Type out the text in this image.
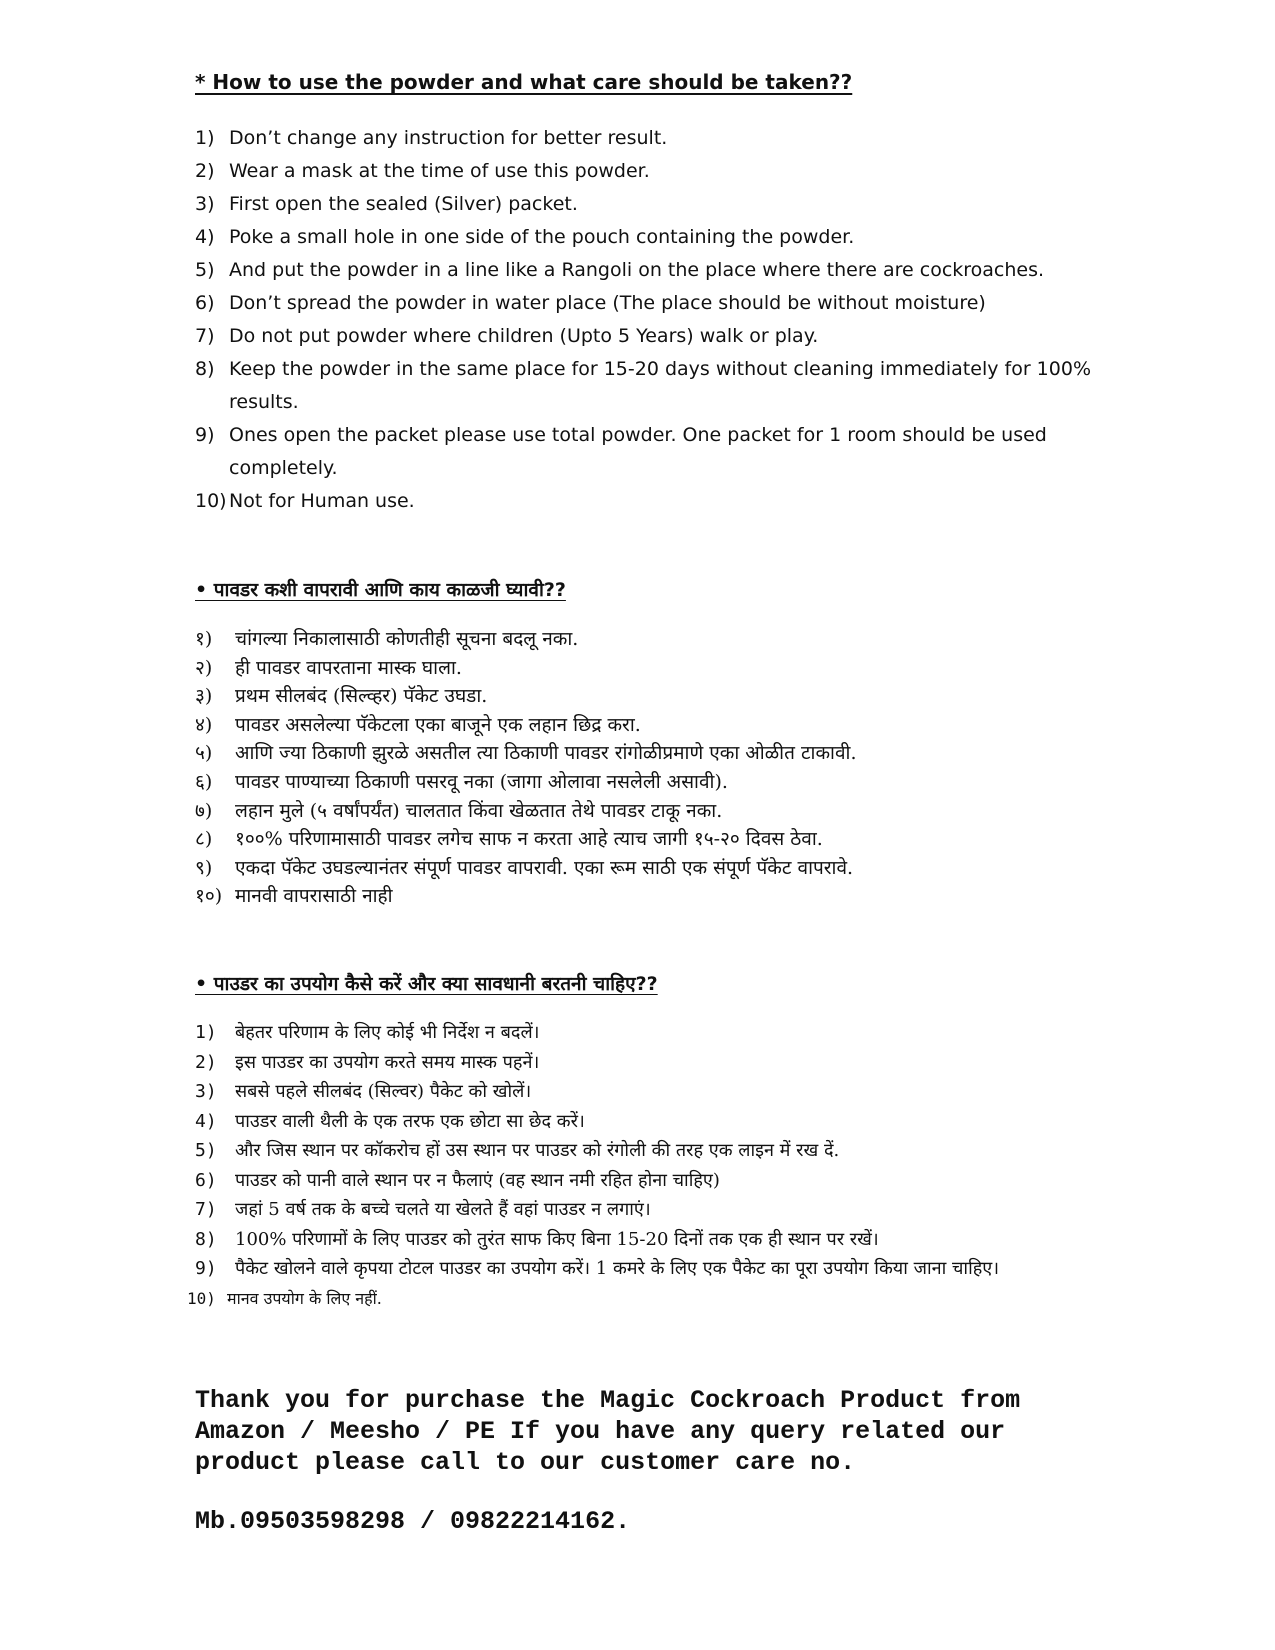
* How to use the powder and what care should be taken??
1) Don’t change any instruction for better result.
2) Wear a mask at the time of use this powder.
3) First open the sealed (Silver) packet.
4) Poke a small hole in one side of the pouch containing the powder.
5) And put the powder in a line like a Rangoli on the place where there are cockroaches.
6) Don’t spread the powder in water place (The place should be without moisture)
7) Do not put powder where children (Upto 5 Years) walk or play.
8) Keep the powder in the same place for 15-20 days without cleaning immediately for 100% results.
9) Ones open the packet please use total powder. One packet for 1 room should be used completely.
10) Not for Human use.
• पावडर कशी वापरावी आणि काय काळजी घ्यावी??
१)	चांगल्या निकालासाठी कोणतीही सूचना बदलू नका.
२)	ही पावडर वापरताना मास्क घाला.
३)	प्रथम सीलबंद (सिल्व्हर) पॅकेट उघडा.
४)	पावडर असलेल्या पॅकेटला एका बाजूने एक लहान छिद्र करा.
५)	आणि ज्या ठिकाणी झुरळे असतील त्या ठिकाणी पावडर रांगोळीप्रमाणे एका ओळीत टाकावी.
६)	पावडर पाण्याच्या ठिकाणी पसरवू नका (जागा ओलावा नसलेली असावी).
७)	लहान मुले (५ वर्षांपर्यंत) चालतात किंवा खेळतात तेथे पावडर टाकू नका.
८)	१००% परिणामासाठी पावडर लगेच साफ न करता आहे त्याच जागी १५-२० दिवस ठेवा.
९)	एकदा पॅकेट उघडल्यानंतर संपूर्ण पावडर वापरावी. एका रूम साठी एक संपूर्ण पॅकेट वापरावे.
१०) मानवी वापरासाठी नाही
• पाउडर का उपयोग कैसे करें और क्या सावधानी बरतनी चाहिए??
1)	बेहतर परिणाम के लिए कोई भी निर्देश न बदलें।
2)	इस पाउडर का उपयोग करते समय मास्क पहनें।
3)	सबसे पहले सीलबंद (सिल्वर) पैकेट को खोलें।
4)	पाउडर वाली थैली के एक तरफ एक छोटा सा छेद करें।
5)	और जिस स्थान पर कॉकरोच हों उस स्थान पर पाउडर को रंगोली की तरह एक लाइन में रख दें.
6)	पाउडर को पानी वाले स्थान पर न फैलाएं (वह स्थान नमी रहित होना चाहिए)
7)	जहां 5 वर्ष तक के बच्चे चलते या खेलते हैं वहां पाउडर न लगाएं।
8)	100% परिणामों के लिए पाउडर को तुरंत साफ किए बिना 15-20 दिनों तक एक ही स्थान पर रखें।
9) पैकेट खोलने वाले कृपया टोटल पाउडर का उपयोग करें। 1 कमरे के लिए एक पैकेट का पूरा उपयोग किया जाना चाहिए।
10) मानव उपयोग के लिए नहीं.

Thank you for purchase the Magic Cockroach Product from Amazon / Meesho / PE If you have any query related our product please call to our customer care no.

Mb.09503598298 / 09822214162.
